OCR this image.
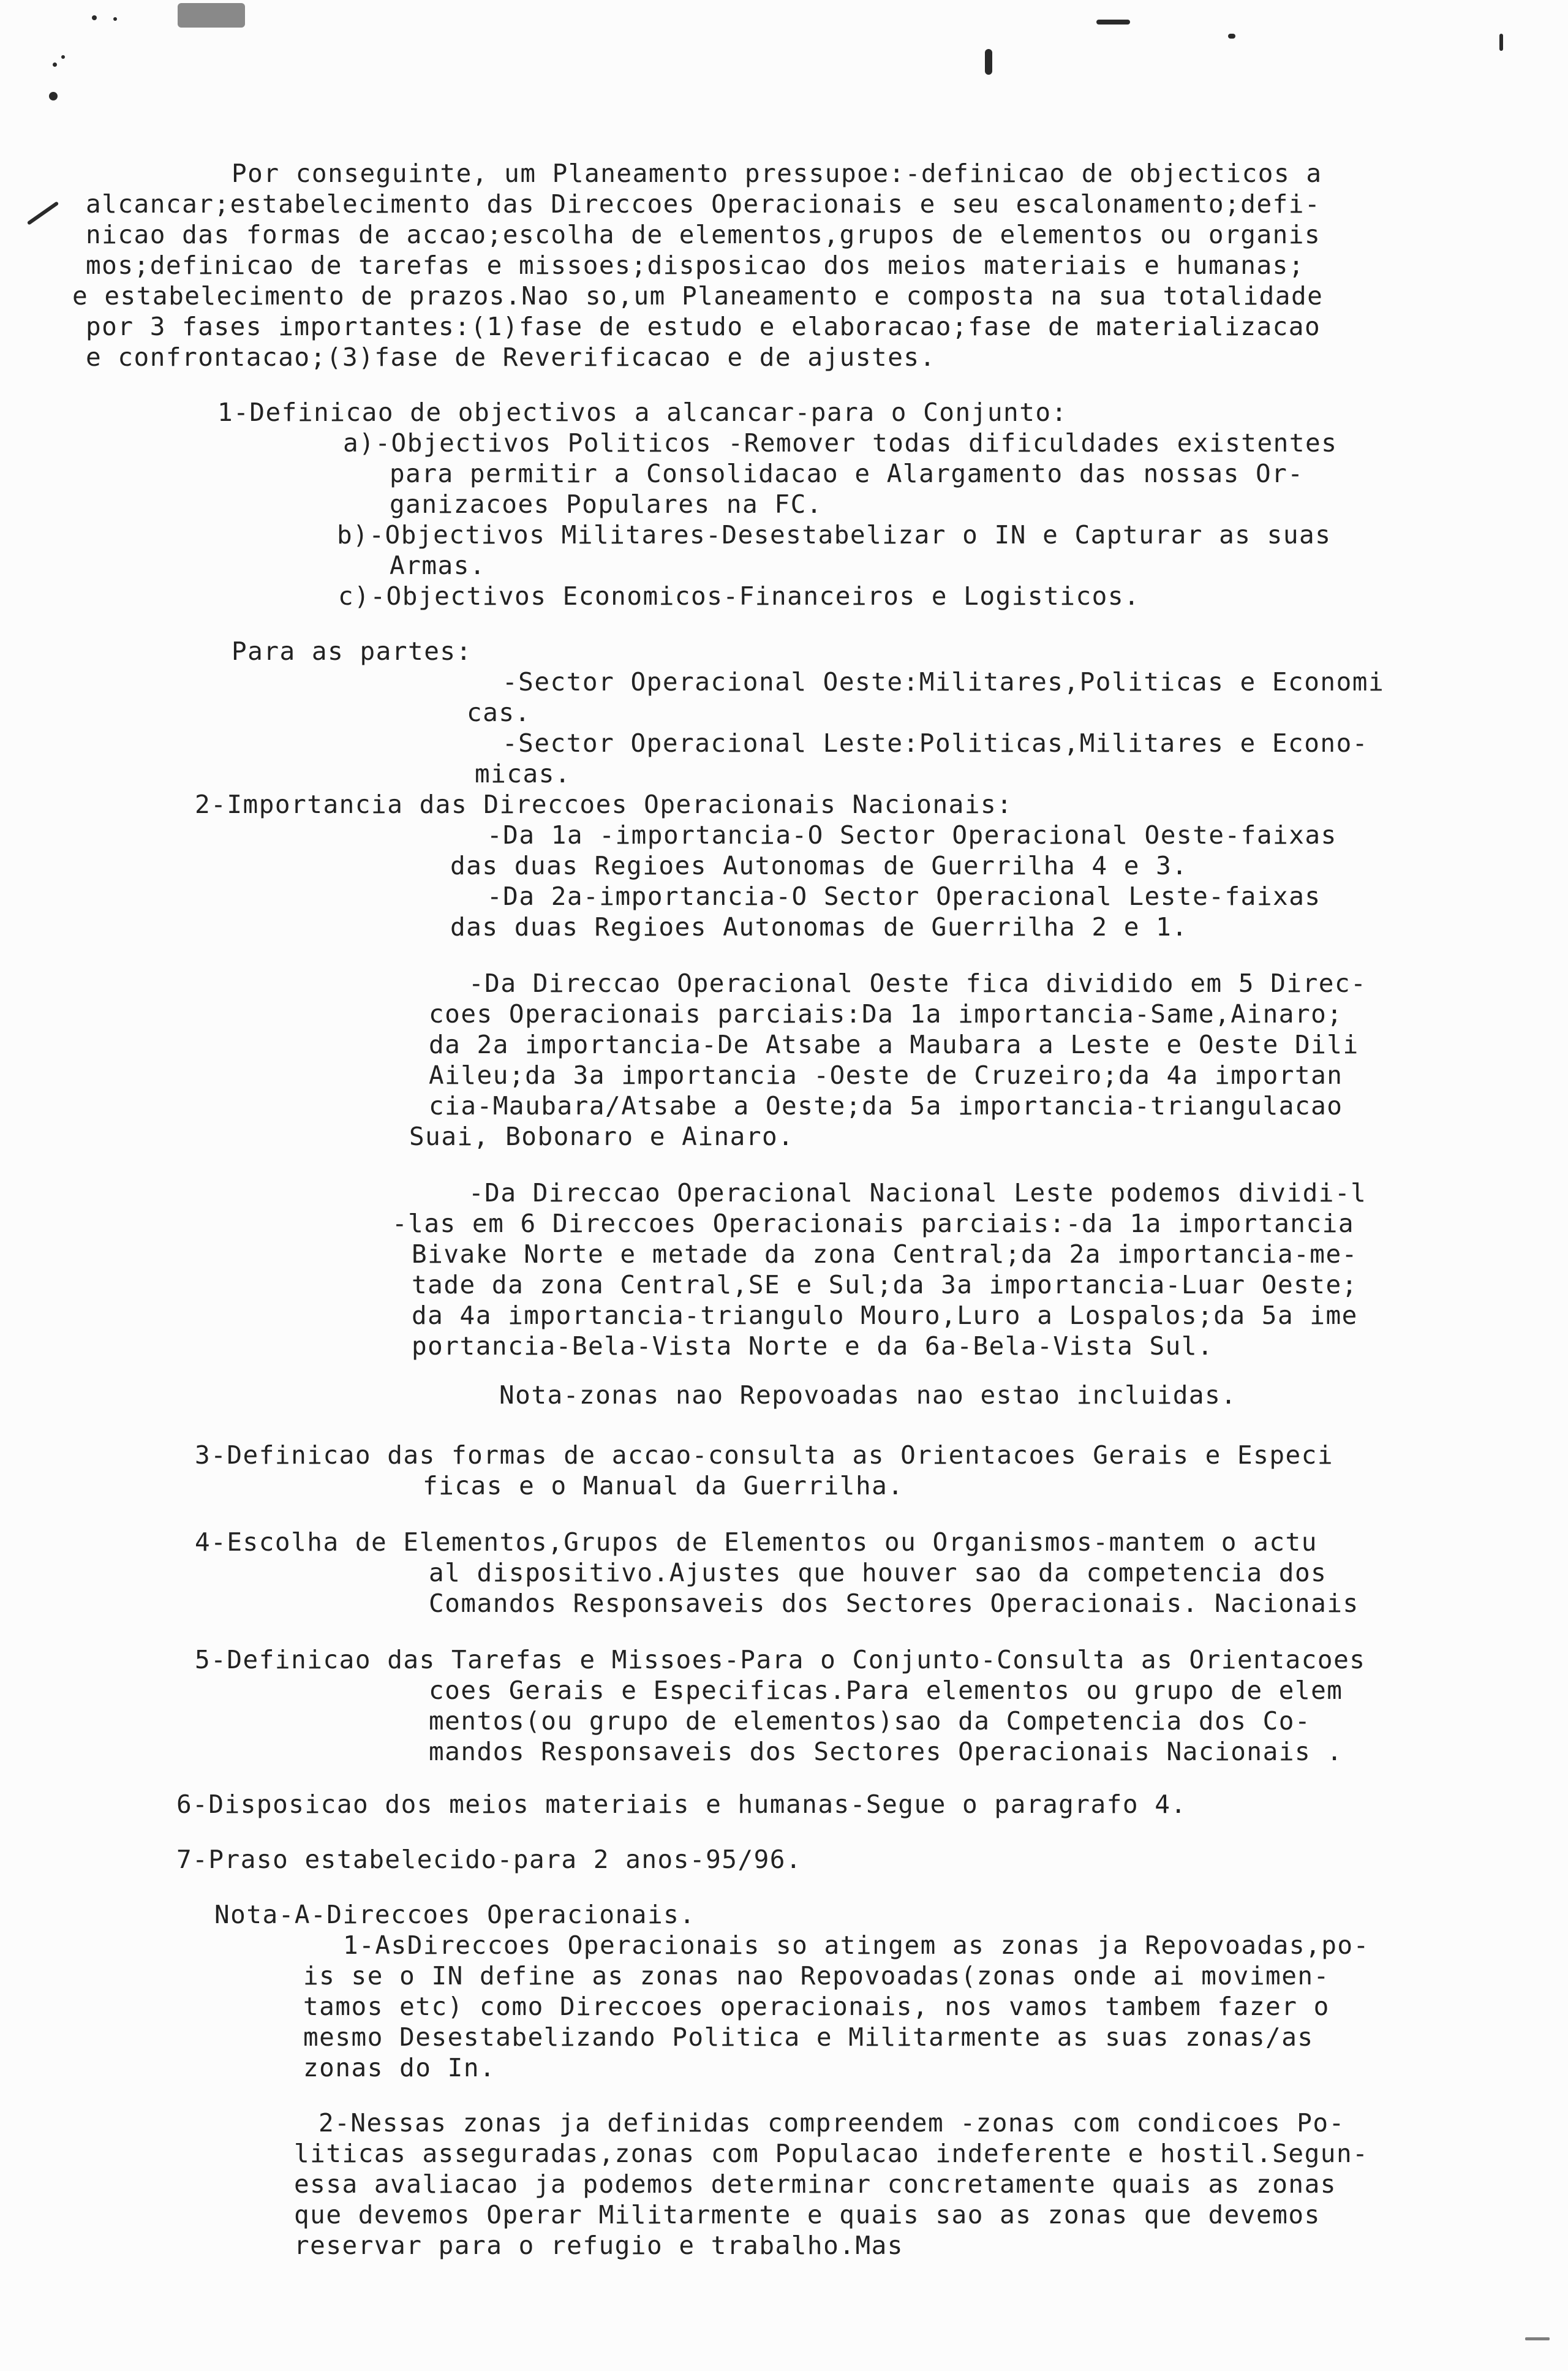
Por conseguinte, um Planeamento pressupoe:-definicao de objecticos a
alcancar;estabelecimento das Direccoes Operacionais e seu escalonamento;defi-
nicao das formas de accao;escolha de elementos,grupos de elementos ou organis
mos;definicao de tarefas e missoes;disposicao dos meios materiais e humanas;
e estabelecimento de prazos.Nao so,um Planeamento e composta na sua totalidade
por 3 fases importantes:(1)fase de estudo e elaboracao;fase de materializacao
e confrontacao;(3)fase de Reverificacao e de ajustes.
1-Definicao de objectivos a alcancar-para o Conjunto:
a)-Objectivos Politicos -Remover todas dificuldades existentes
para permitir a Consolidacao e Alargamento das nossas Or-
ganizacoes Populares na FC.
b)-Objectivos Militares-Desestabelizar o IN e Capturar as suas
Armas.
c)-Objectivos Economicos-Financeiros e Logisticos.
Para as partes:
-Sector Operacional Oeste:Militares,Politicas e Economi
cas.
-Sector Operacional Leste:Politicas,Militares e Econo-
micas.
2-Importancia das Direccoes Operacionais Nacionais:
-Da 1a -importancia-O Sector Operacional Oeste-faixas
das duas Regioes Autonomas de Guerrilha 4 e 3.
-Da 2a-importancia-O Sector Operacional Leste-faixas
das duas Regioes Autonomas de Guerrilha 2 e 1.
-Da Direccao Operacional Oeste fica dividido em 5 Direc-
coes Operacionais parciais:Da 1a importancia-Same,Ainaro;
da 2a importancia-De Atsabe a Maubara a Leste e Oeste Dili
Aileu;da 3a importancia -Oeste de Cruzeiro;da 4a importan
cia-Maubara/Atsabe a Oeste;da 5a importancia-triangulacao
Suai, Bobonaro e Ainaro.
-Da Direccao Operacional Nacional Leste podemos dividi-l
-las em 6 Direccoes Operacionais parciais:-da 1a importancia
Bivake Norte e metade da zona Central;da 2a importancia-me-
tade da zona Central,SE e Sul;da 3a importancia-Luar Oeste;
da 4a importancia-triangulo Mouro,Luro a Lospalos;da 5a ime
portancia-Bela-Vista Norte e da 6a-Bela-Vista Sul.
Nota-zonas nao Repovoadas nao estao incluidas.
3-Definicao das formas de accao-consulta as Orientacoes Gerais e Especi
ficas e o Manual da Guerrilha.
4-Escolha de Elementos,Grupos de Elementos ou Organismos-mantem o actu
al dispositivo.Ajustes que houver sao da competencia dos
Comandos Responsaveis dos Sectores Operacionais. Nacionais
5-Definicao das Tarefas e Missoes-Para o Conjunto-Consulta as Orientacoes
coes Gerais e Especificas.Para elementos ou grupo de elem
mentos(ou grupo de elementos)sao da Competencia dos Co-
mandos Responsaveis dos Sectores Operacionais Nacionais .
6-Disposicao dos meios materiais e humanas-Segue o paragrafo 4.
7-Praso estabelecido-para 2 anos-95/96.
Nota-A-Direccoes Operacionais.
1-AsDireccoes Operacionais so atingem as zonas ja Repovoadas,po-
is se o IN define as zonas nao Repovoadas(zonas onde ai movimen-
tamos etc) como Direccoes operacionais, nos vamos tambem fazer o
mesmo Desestabelizando Politica e Militarmente as suas zonas/as
zonas do In.
2-Nessas zonas ja definidas compreendem -zonas com condicoes Po-
liticas asseguradas,zonas com Populacao indeferente e hostil.Segun-
essa avaliacao ja podemos determinar concretamente quais as zonas
que devemos Operar Militarmente e quais sao as zonas que devemos
reservar para o refugio e trabalho.Mas
